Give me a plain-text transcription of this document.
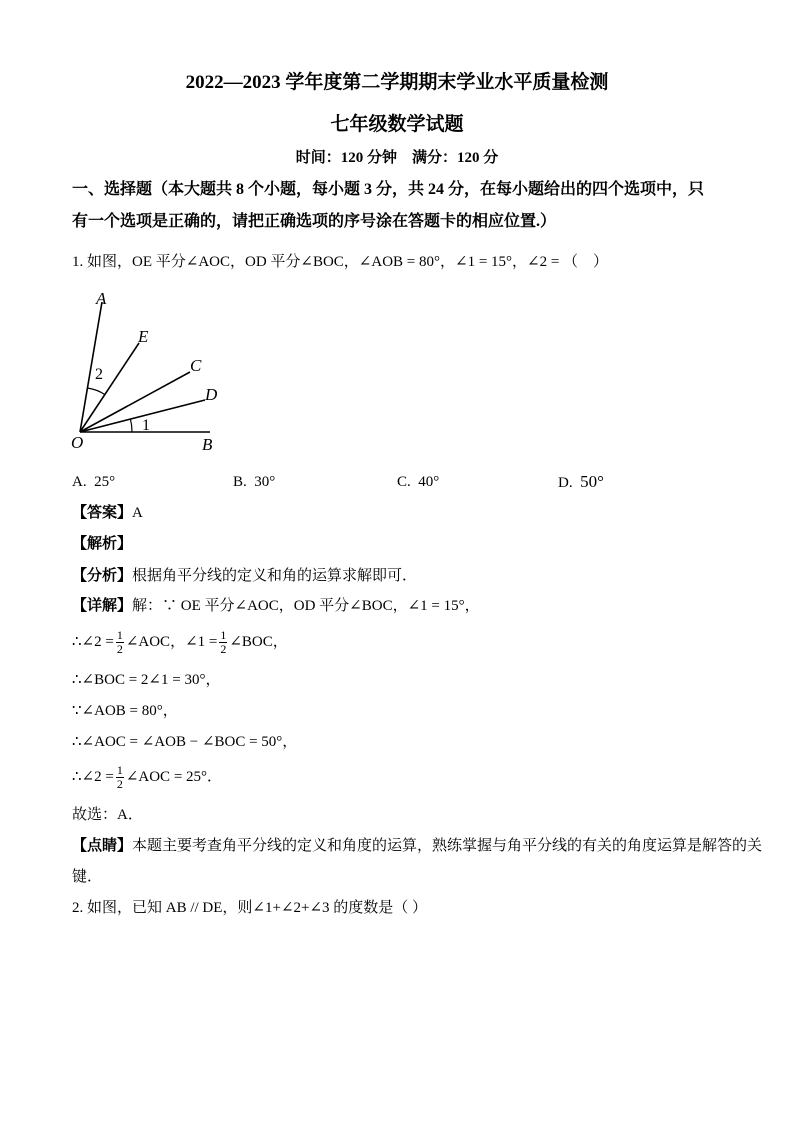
2022—2023 学年度第二学期期末学业水平质量检测
七年级数学试题
时间：120 分钟 满分：120 分
一、选择题（本大题共 8 个小题，每小题 3 分，共 24 分，在每小题给出的四个选项中，只
有一个选项是正确的，请把正确选项的序号涂在答题卡的相应位置.）
1. 如图，OE 平分∠AOC，OD 平分∠BOC，∠AOB = 80°，∠1 = 15°，∠2 = （    ）
A
E
C
D
O	B
2
1
A. 25°	B. 30°	C. 40°	D. 50°
【答案】A
【解析】
【分析】根据角平分线的定义和角的运算求解即可．
【详解】解：∵ OE 平分∠AOC，OD 平分∠BOC，∠1 = 15°，
∴∠2 = $\frac{1}{2}$ ∠AOC，∠1 = $\frac{1}{2}$ ∠BOC，
∴∠BOC = 2∠1 = 30°，
∵∠AOB = 80°，
∴∠AOC = ∠AOB − ∠BOC = 50°，
∴∠2 = $\frac{1}{2}$ ∠AOC = 25°．
故选：A．
【点睛】本题主要考查角平分线的定义和角度的运算，熟练掌握与角平分线的有关的角度运算是解答的关
键．
2. 如图，已知 AB // DE，则∠1+∠2+∠3 的度数是（ ）
